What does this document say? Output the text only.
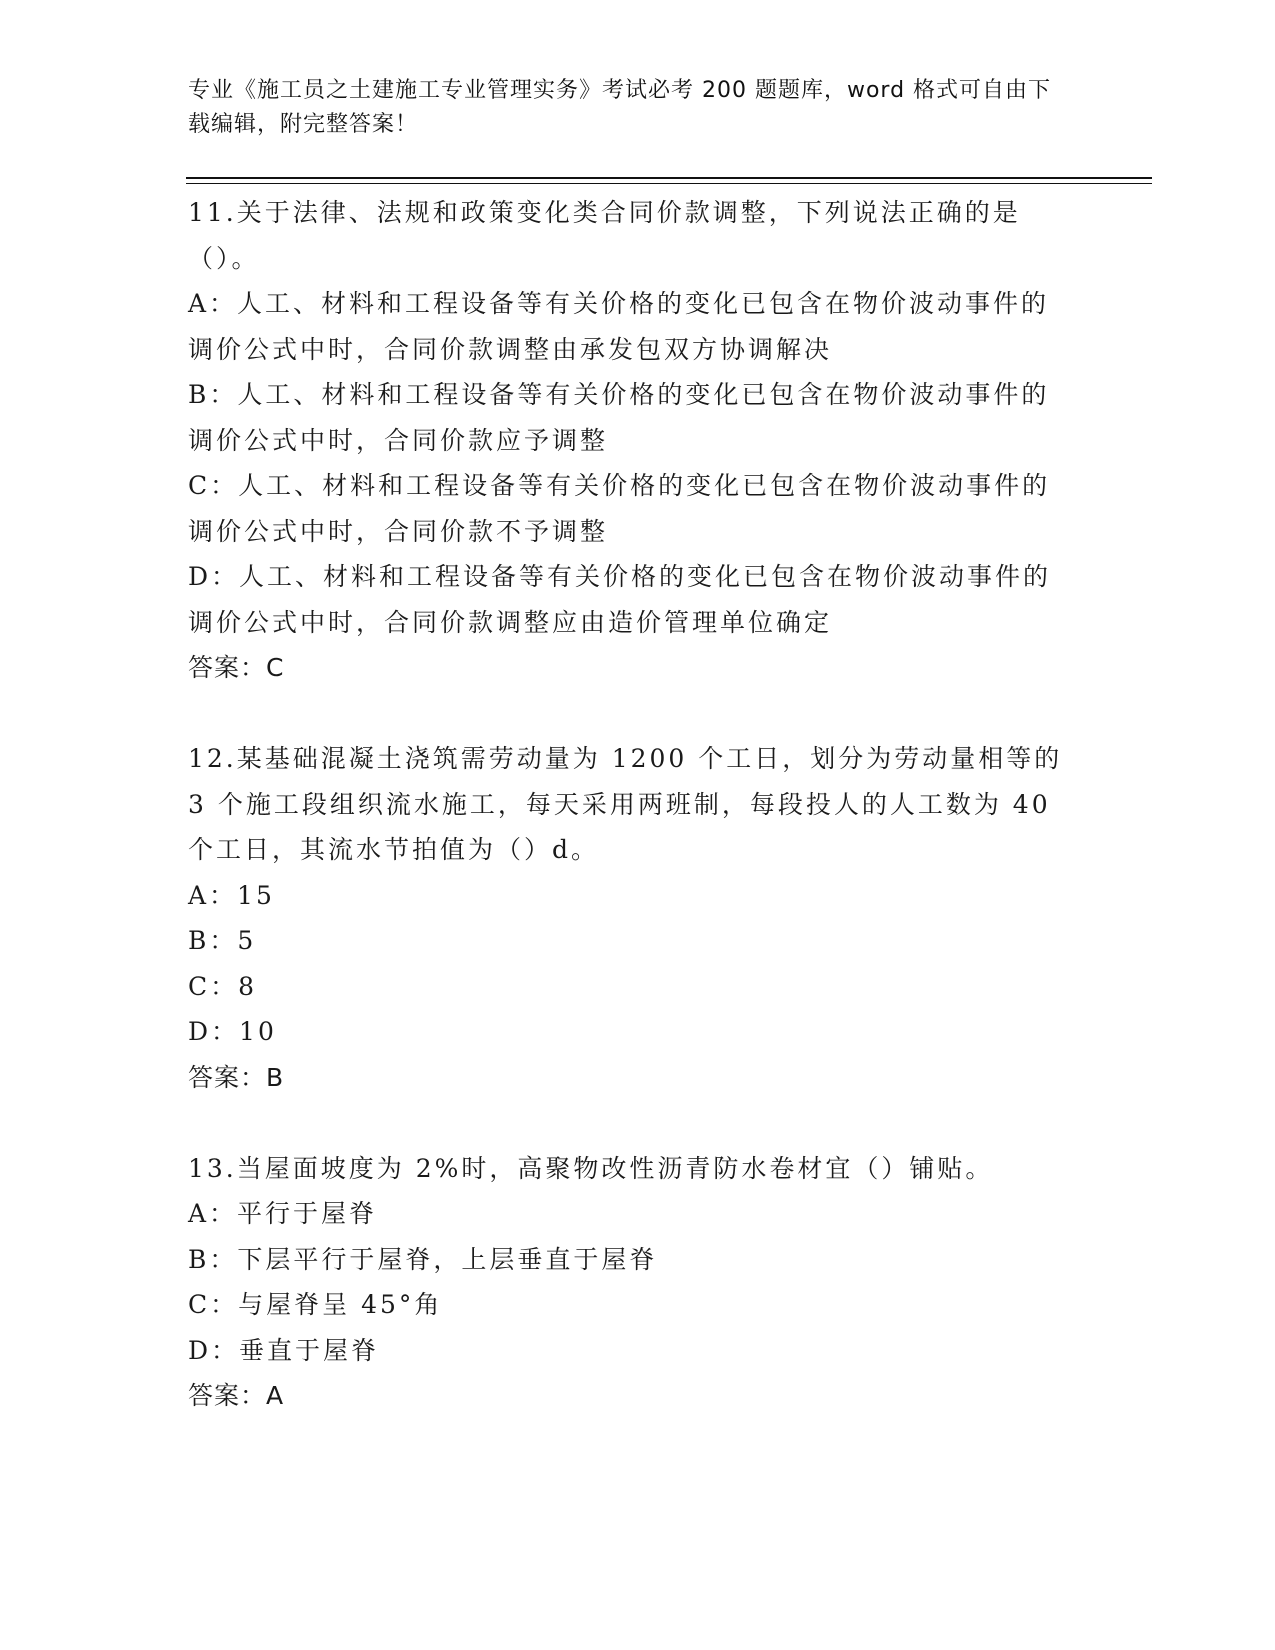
专业《施工员之土建施工专业管理实务》考试必考 200 题题库，word 格式可自由下载编辑，附完整答案！

11.关于法律、法规和政策变化类合同价款调整，下列说法正确的是（）。

A：人工、材料和工程设备等有关价格的变化已包含在物价波动事件的调价公式中时，合同价款调整由承发包双方协调解决

B：人工、材料和工程设备等有关价格的变化已包含在物价波动事件的调价公式中时，合同价款应予调整

C：人工、材料和工程设备等有关价格的变化已包含在物价波动事件的调价公式中时，合同价款不予调整

D：人工、材料和工程设备等有关价格的变化已包含在物价波动事件的调价公式中时，合同价款调整应由造价管理单位确定

答案：C

12.某基础混凝土浇筑需劳动量为 1200 个工日，划分为劳动量相等的 3 个施工段组织流水施工，每天采用两班制，每段投人的人工数为 40 个工日，其流水节拍值为（）d。

A：15

B：5

C：8

D：10

答案：B

13.当屋面坡度为 2%时，高聚物改性沥青防水卷材宜（）铺贴。

A：平行于屋脊

B：下层平行于屋脊，上层垂直于屋脊

C：与屋脊呈 45°角

D：垂直于屋脊

答案：A
